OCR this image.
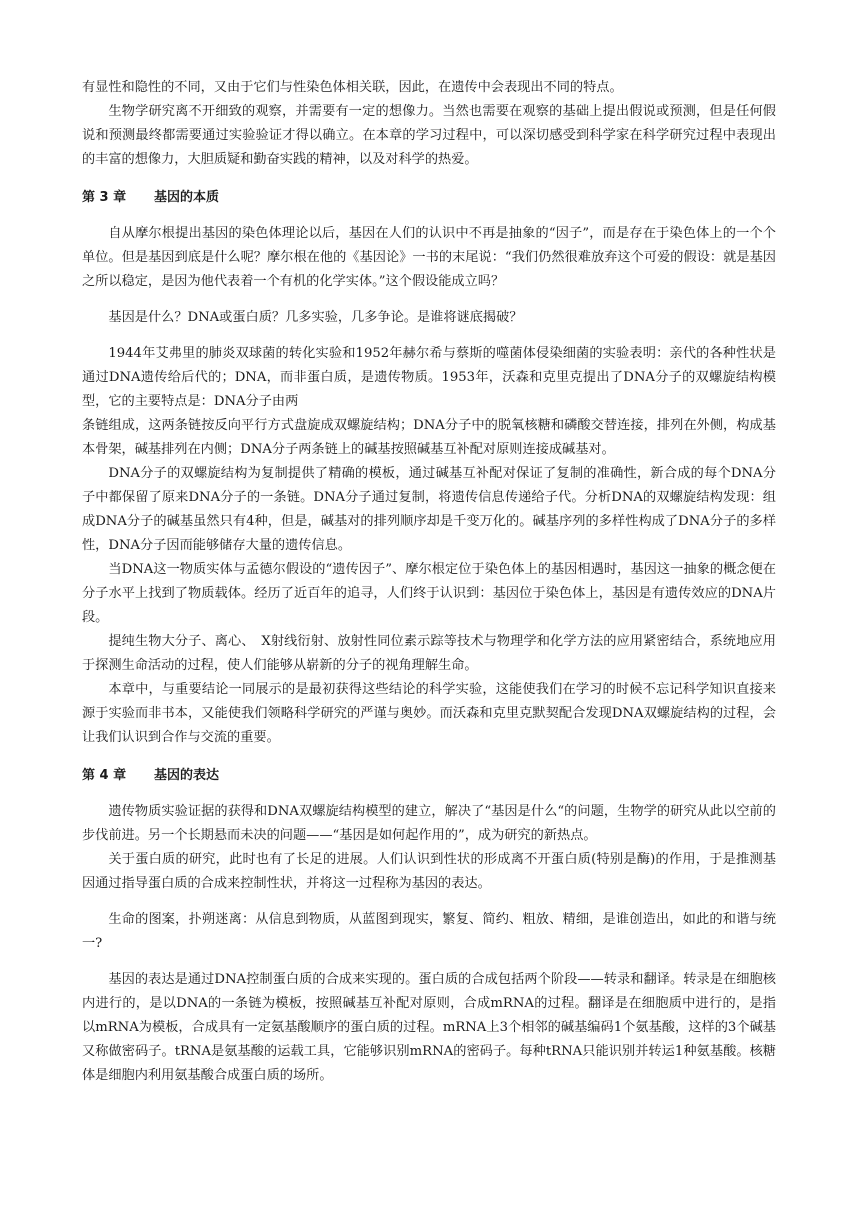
有显性和隐性的不同，又由于它们与性染色体相关联，因此，在遗传中会表现出不同的特点。

生物学研究离不开细致的观察，并需要有一定的想像力。当然也需要在观察的基础上提出假说或预测，但是任何假说和预测最终都需要通过实验验证才得以确立。在本章的学习过程中，可以深切感受到科学家在科学研究过程中表现出的丰富的想像力，大胆质疑和勤奋实践的精神，以及对科学的热爱。

第 3 章 基因的本质

自从摩尔根提出基因的染色体理论以后，基因在人们的认识中不再是抽象的“因子”，而是存在于染色体上的一个个单位。但是基因到底是什么呢？摩尔根在他的《基因论》一书的末尾说：“我们仍然很难放弃这个可爱的假设：就是基因之所以稳定，是因为他代表着一个有机的化学实体。”这个假设能成立吗？

基因是什么？DNA或蛋白质？几多实验，几多争论。是谁将谜底揭破？

1944年艾弗里的肺炎双球菌的转化实验和1952年赫尔希与蔡斯的噬菌体侵染细菌的实验表明：亲代的各种性状是通过DNA遗传给后代的；DNA，而非蛋白质，是遗传物质。1953年，沃森和克里克提出了DNA分子的双螺旋结构模型，它的主要特点是：DNA分子由两

条链组成，这两条链按反向平行方式盘旋成双螺旋结构；DNA分子中的脱氧核糖和磷酸交替连接，排列在外侧，构成基本骨架，碱基排列在内侧；DNA分子两条链上的碱基按照碱基互补配对原则连接成碱基对。

DNA分子的双螺旋结构为复制提供了精确的模板，通过碱基互补配对保证了复制的准确性，新合成的每个DNA分子中都保留了原来DNA分子的一条链。DNA分子通过复制，将遗传信息传递给子代。分析DNA的双螺旋结构发现：组成DNA分子的碱基虽然只有4种，但是，碱基对的排列顺序却是千变万化的。碱基序列的多样性构成了DNA分子的多样性，DNA分子因而能够储存大量的遗传信息。

当DNA这一物质实体与孟德尔假设的“遗传因子”、摩尔根定位于染色体上的基因相遇时，基因这一抽象的概念便在分子水平上找到了物质载体。经历了近百年的追寻，人们终于认识到：基因位于染色体上，基因是有遗传效应的DNA片段。

提纯生物大分子、离心、　X射线衍射、放射性同位素示踪等技术与物理学和化学方法的应用紧密结合，系统地应用于探测生命活动的过程，使人们能够从崭新的分子的视角理解生命。

本章中，与重要结论一同展示的是最初获得这些结论的科学实验，这能使我们在学习的时候不忘记科学知识直接来源于实验而非书本，又能使我们领略科学研究的严谨与奥妙。而沃森和克里克默契配合发现DNA双螺旋结构的过程，会让我们认识到合作与交流的重要。

第 4 章 基因的表达

遗传物质实验证据的获得和DNA双螺旋结构模型的建立，解决了“基因是什么“的问题，生物学的研究从此以空前的步伐前进。另一个长期悬而未决的问题——“基因是如何起作用的”，成为研究的新热点。

关于蛋白质的研究，此时也有了长足的进展。人们认识到性状的形成离不开蛋白质(特别是酶)的作用，于是推测基因通过指导蛋白质的合成来控制性状，并将这一过程称为基因的表达。

生命的图案，扑朔迷离：从信息到物质，从蓝图到现实，繁复、简约、粗放、精细，是谁创造出，如此的和谐与统一?

基因的表达是通过DNA控制蛋白质的合成来实现的。蛋白质的合成包括两个阶段——转录和翻译。转录是在细胞核内进行的，是以DNA的一条链为模板，按照碱基互补配对原则，合成mRNA的过程。翻译是在细胞质中进行的，是指以mRNA为模板，合成具有一定氨基酸顺序的蛋白质的过程。mRNA上3个相邻的碱基编码1个氨基酸，这样的3个碱基又称做密码子。tRNA是氨基酸的运载工具，它能够识别mRNA的密码子。每种tRNA只能识别并转运1种氨基酸。核糖体是细胞内利用氨基酸合成蛋白质的场所。
